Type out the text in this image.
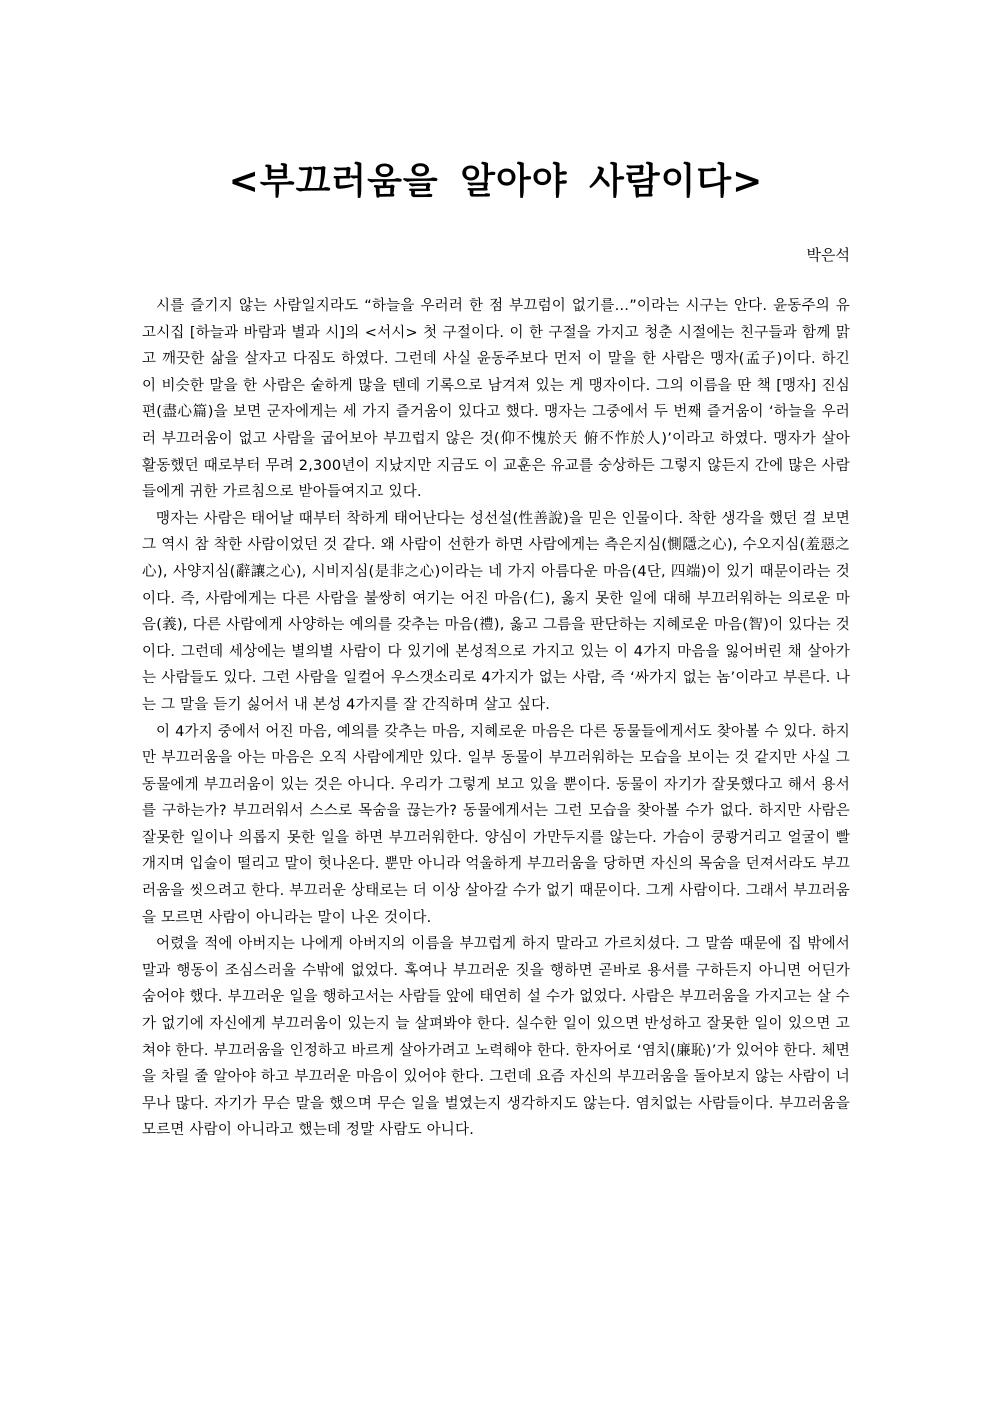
<부끄러움을 알아야 사람이다>
박은석

시를 즐기지 않는 사람일지라도 “하늘을 우러러 한 점 부끄럼이 없기를…”이라는 시구는 안다. 윤동주의 유고시집 [하늘과 바람과 별과 시]의 <서시> 첫 구절이다. 이 한 구절을 가지고 청춘 시절에는 친구들과 함께 맑고 깨끗한 삶을 살자고 다짐도 하였다. 그런데 사실 윤동주보다 먼저 이 말을 한 사람은 맹자(孟子)이다. 하긴 이 비슷한 말을 한 사람은 숱하게 많을 텐데 기록으로 남겨져 있는 게 맹자이다. 그의 이름을 딴 책 [맹자] 진심편(盡心篇)을 보면 군자에게는 세 가지 즐거움이 있다고 했다. 맹자는 그중에서 두 번째 즐거움이 ‘하늘을 우러러 부끄러움이 없고 사람을 굽어보아 부끄럽지 않은 것(仰不愧於天 俯不怍於人)’이라고 하였다. 맹자가 살아 활동했던 때로부터 무려 2,300년이 지났지만 지금도 이 교훈은 유교를 숭상하든 그렇지 않든지 간에 많은 사람들에게 귀한 가르침으로 받아들여지고 있다.

맹자는 사람은 태어날 때부터 착하게 태어난다는 성선설(性善說)을 믿은 인물이다. 착한 생각을 했던 걸 보면 그 역시 참 착한 사람이었던 것 같다. 왜 사람이 선한가 하면 사람에게는 측은지심(惻隱之心), 수오지심(羞惡之心), 사양지심(辭讓之心), 시비지심(是非之心)이라는 네 가지 아름다운 마음(4단, 四端)이 있기 때문이라는 것이다. 즉, 사람에게는 다른 사람을 불쌍히 여기는 어진 마음(仁), 옳지 못한 일에 대해 부끄러워하는 의로운 마음(義), 다른 사람에게 사양하는 예의를 갖추는 마음(禮), 옳고 그름을 판단하는 지혜로운 마음(智)이 있다는 것이다. 그런데 세상에는 별의별 사람이 다 있기에 본성적으로 가지고 있는 이 4가지 마음을 잃어버린 채 살아가는 사람들도 있다. 그런 사람을 일컬어 우스갯소리로 4가지가 없는 사람, 즉 ‘싸가지 없는 놈’이라고 부른다. 나는 그 말을 듣기 싫어서 내 본성 4가지를 잘 간직하며 살고 싶다.

이 4가지 중에서 어진 마음, 예의를 갖추는 마음, 지혜로운 마음은 다른 동물들에게서도 찾아볼 수 있다. 하지만 부끄러움을 아는 마음은 오직 사람에게만 있다. 일부 동물이 부끄러워하는 모습을 보이는 것 같지만 사실 그 동물에게 부끄러움이 있는 것은 아니다. 우리가 그렇게 보고 있을 뿐이다. 동물이 자기가 잘못했다고 해서 용서를 구하는가? 부끄러워서 스스로 목숨을 끊는가? 동물에게서는 그런 모습을 찾아볼 수가 없다. 하지만 사람은 잘못한 일이나 의롭지 못한 일을 하면 부끄러워한다. 양심이 가만두지를 않는다. 가슴이 쿵쾅거리고 얼굴이 빨개지며 입술이 떨리고 말이 헛나온다. 뿐만 아니라 억울하게 부끄러움을 당하면 자신의 목숨을 던져서라도 부끄러움을 씻으려고 한다. 부끄러운 상태로는 더 이상 살아갈 수가 없기 때문이다. 그게 사람이다. 그래서 부끄러움을 모르면 사람이 아니라는 말이 나온 것이다.

어렸을 적에 아버지는 나에게 아버지의 이름을 부끄럽게 하지 말라고 가르치셨다. 그 말씀 때문에 집 밖에서 말과 행동이 조심스러울 수밖에 없었다. 혹여나 부끄러운 짓을 행하면 곧바로 용서를 구하든지 아니면 어딘가 숨어야 했다. 부끄러운 일을 행하고서는 사람들 앞에 태연히 설 수가 없었다. 사람은 부끄러움을 가지고는 살 수가 없기에 자신에게 부끄러움이 있는지 늘 살펴봐야 한다. 실수한 일이 있으면 반성하고 잘못한 일이 있으면 고쳐야 한다. 부끄러움을 인정하고 바르게 살아가려고 노력해야 한다. 한자어로 ‘염치(廉恥)’가 있어야 한다. 체면을 차릴 줄 알아야 하고 부끄러운 마음이 있어야 한다. 그런데 요즘 자신의 부끄러움을 돌아보지 않는 사람이 너무나 많다. 자기가 무슨 말을 했으며 무슨 일을 벌였는지 생각하지도 않는다. 염치없는 사람들이다. 부끄러움을 모르면 사람이 아니라고 했는데 정말 사람도 아니다.
